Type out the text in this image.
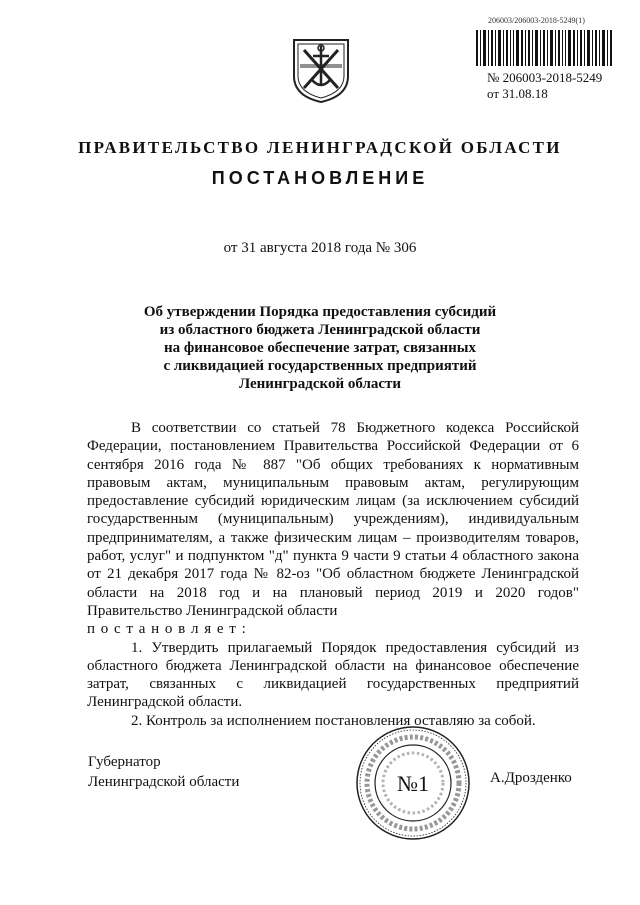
206003/206003-2018-5249(1)
№ 206003-2018-5249
от 31.08.18
ПРАВИТЕЛЬСТВО ЛЕНИНГРАДСКОЙ ОБЛАСТИ
ПОСТАНОВЛЕНИЕ
от 31 августа 2018 года № 306
Об утверждении Порядка предоставления субсидий
из областного бюджета Ленинградской области
на финансовое обеспечение затрат, связанных
с ликвидацией государственных предприятий
Ленинградской области

В соответствии со статьей 78 Бюджетного кодекса Российской Федерации, постановлением Правительства Российской Федерации от 6 сентября 2016 года № 887 "Об общих требованиях к нормативным правовым актам, муниципальным правовым актам, регулирующим предоставление субсидий юридическим лицам (за исключением субсидий государственным (муниципальным) учреждениям), индивидуальным предпринимателям, а также физическим лицам – производителям товаров, работ, услуг" и подпунктом "д" пункта 9 части 9 статьи 4 областного закона от 21 декабря 2017 года № 82-оз "Об областном бюджете Ленинградской области на 2018 год и на плановый период 2019 и 2020 годов" Правительство Ленинградской области

п о с т а н о в л я е т :

1. Утвердить прилагаемый Порядок предоставления субсидий из областного бюджета Ленинградской области на финансовое обеспечение затрат, связанных с ликвидацией государственных предприятий Ленинградской области.

2. Контроль за исполнением постановления оставляю за собой.

Губернатор
Ленинградской области	№1	А.Дрозденко
